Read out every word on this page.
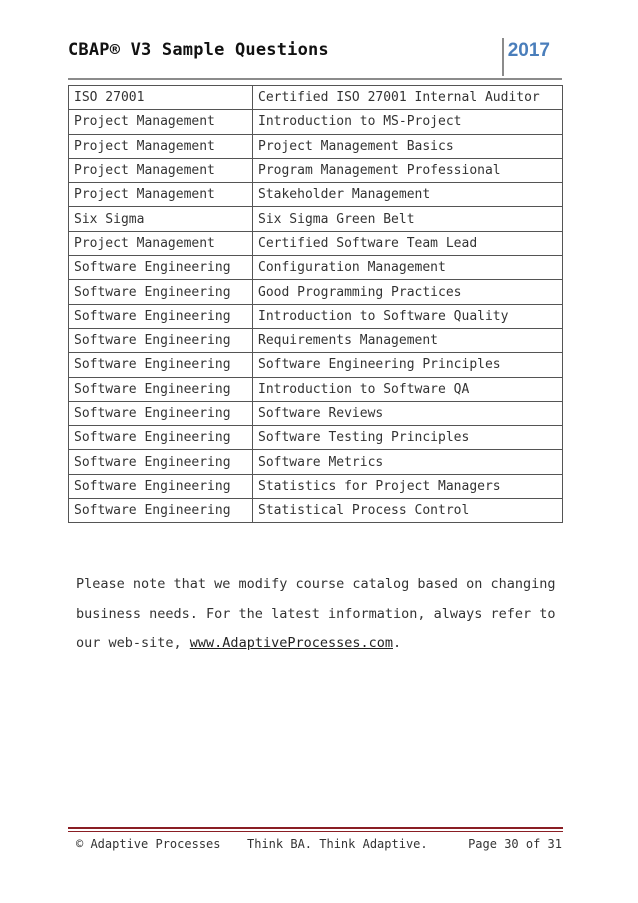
CBAP® V3 Sample Questions	2017
ISO 27001	Certified ISO 27001 Internal Auditor
Project Management	Introduction to MS-Project
Project Management	Project Management Basics
Project Management	Program Management Professional
Project Management	Stakeholder Management
Six Sigma	Six Sigma Green Belt
Project Management	Certified Software Team Lead
Software Engineering	Configuration Management
Software Engineering	Good Programming Practices
Software Engineering	Introduction to Software Quality
Software Engineering	Requirements Management
Software Engineering	Software Engineering Principles
Software Engineering	Introduction to Software QA
Software Engineering	Software Reviews
Software Engineering	Software Testing Principles
Software Engineering	Software Metrics
Software Engineering	Statistics for Project Managers
Software Engineering	Statistical Process Control
Please note that we modify course catalog based on changing business needs. For the latest information, always refer to our web-site, www.AdaptiveProcesses.com.
© Adaptive Processes Think BA. Think Adaptive.	Page 30 of 31
